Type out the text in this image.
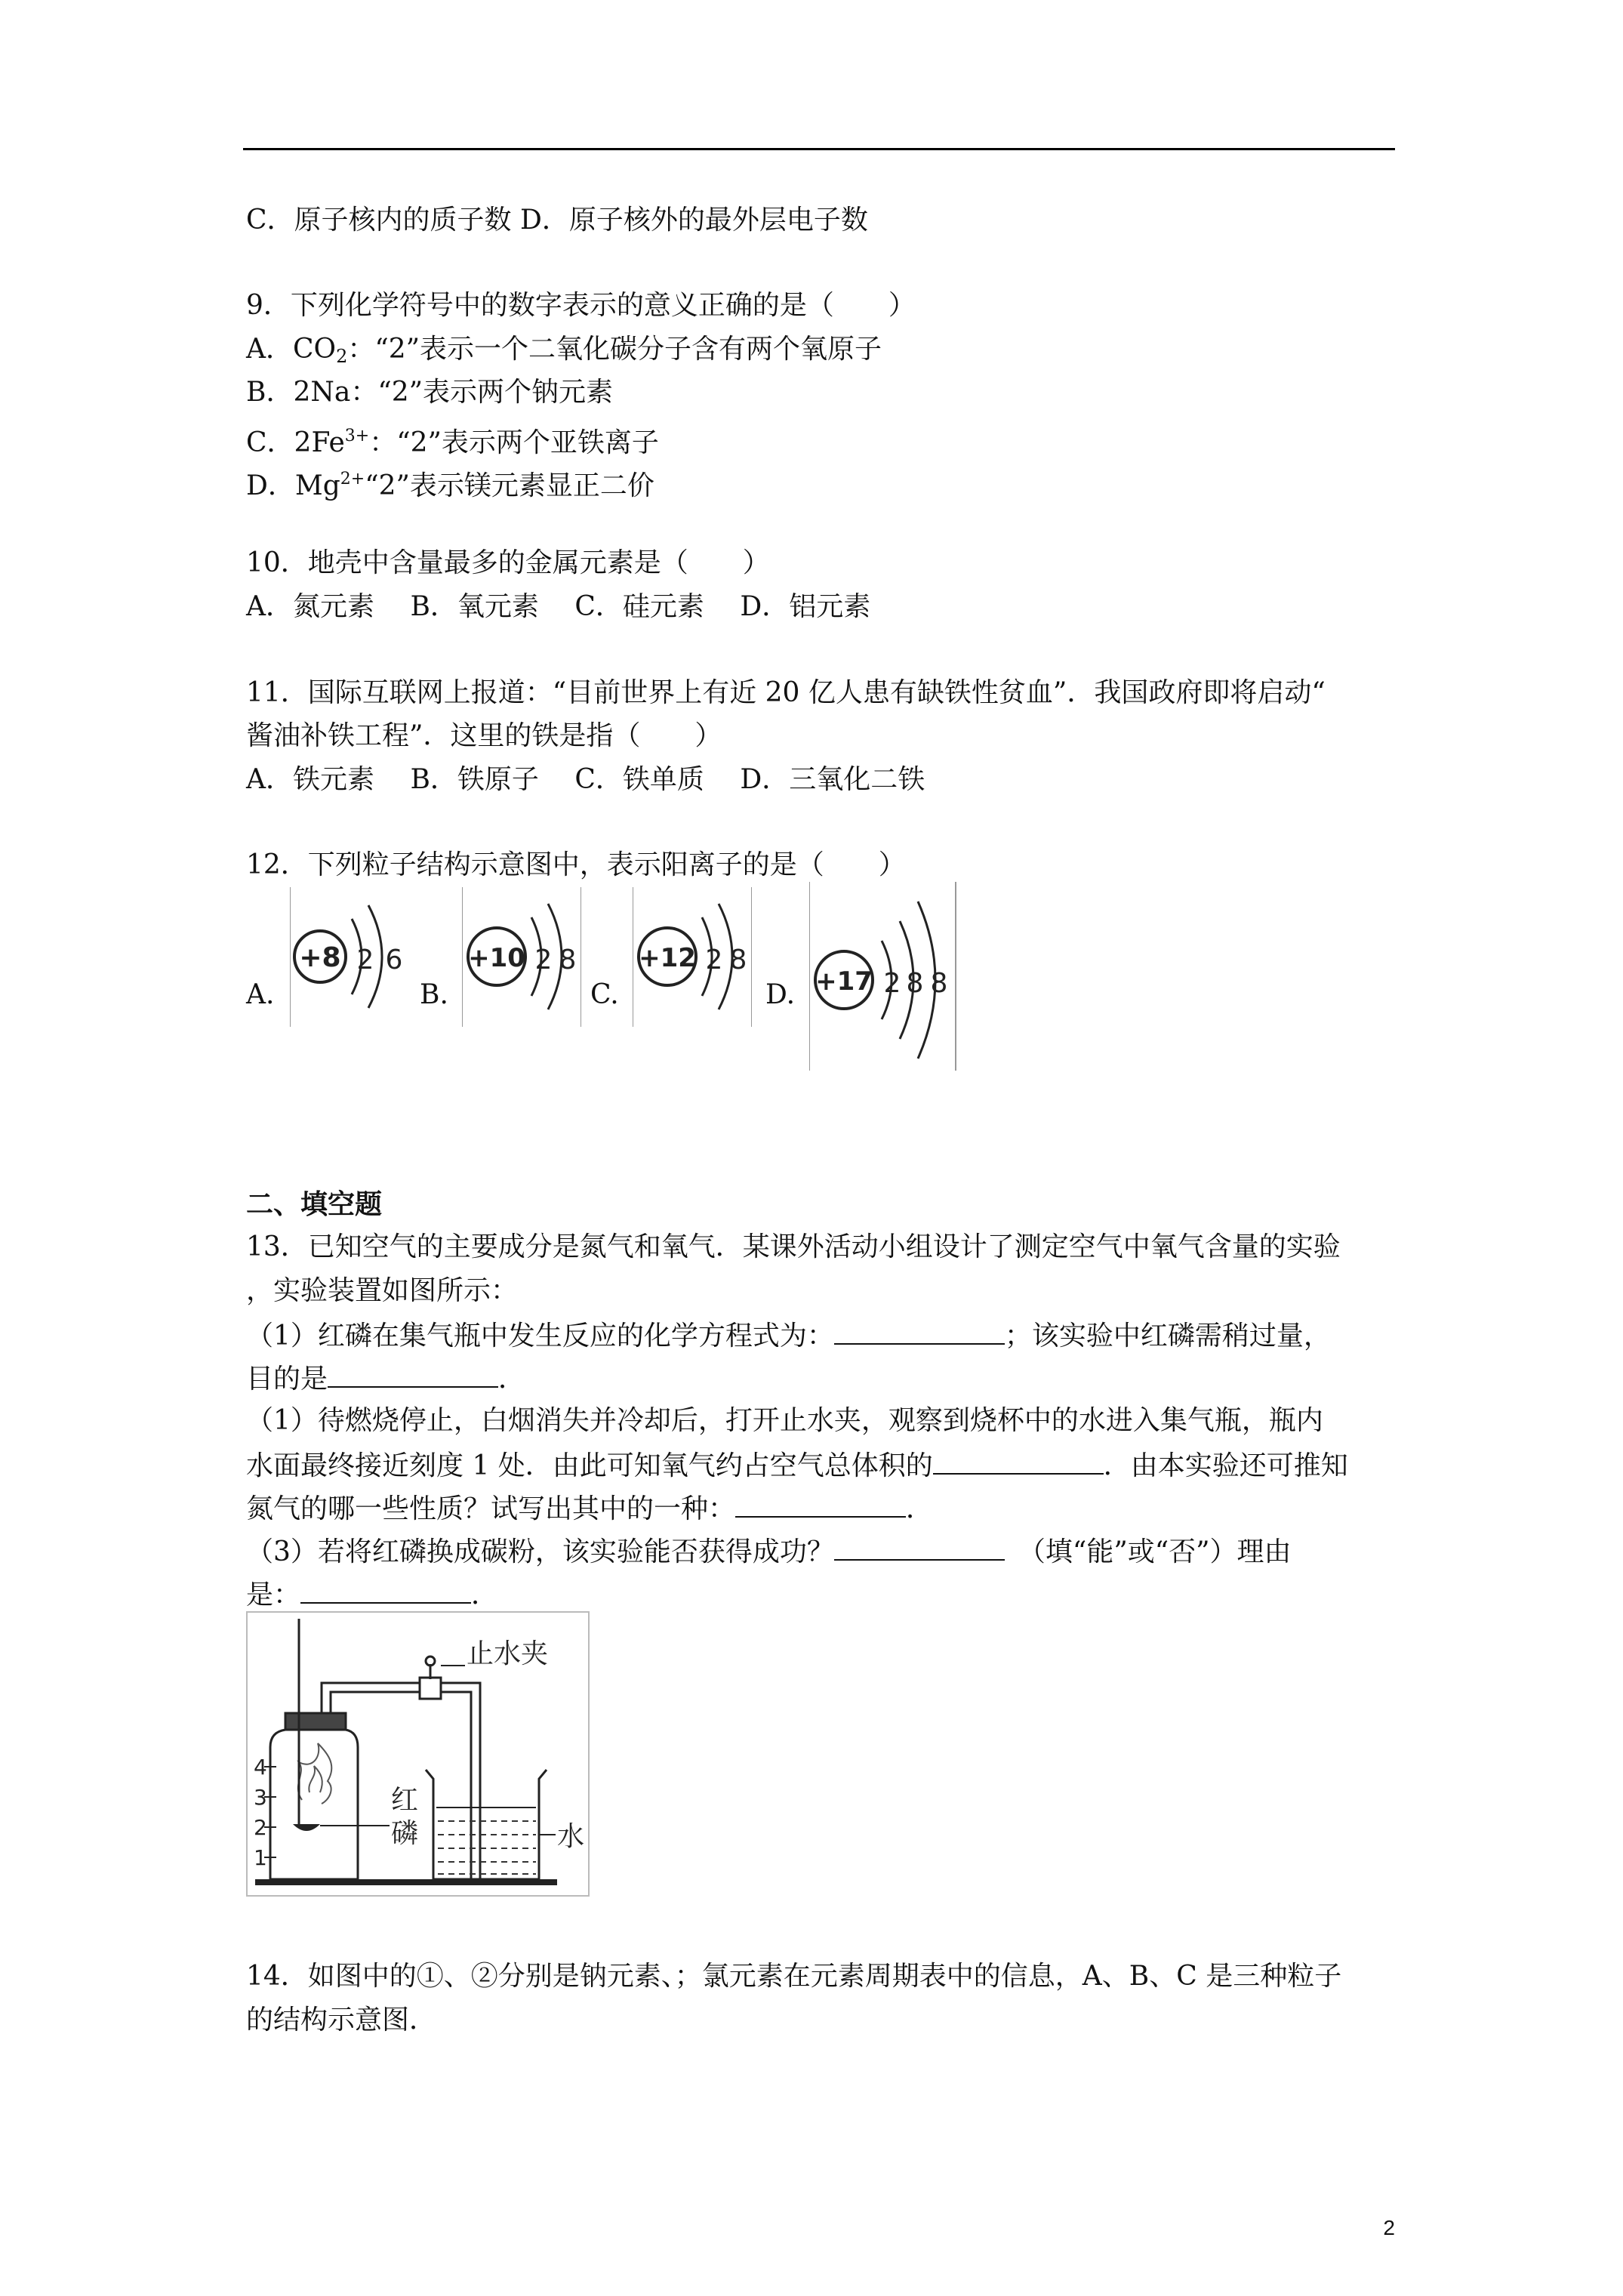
C．原子核内的质子数 D．原子核外的最外层电子数
9．下列化学符号中的数字表示的意义正确的是（　　）
A．$CO_2$：“2”表示一个二氧化碳分子含有两个氧原子
B．2Na：“2”表示两个钠元素
C．$2Fe^{3+}$：“2”表示两个亚铁离子
D．$Mg^{2+}“2$”表示镁元素显正二价
10．地壳中含量最多的金属元素是（　　）
A．氮元素　 B．氧元素　 C．硅元素　 D．铝元素
11．国际互联网上报道：“目前世界上有近 20 亿人患有缺铁性贫血”．我国政府即将启动“
酱油补铁工程”．这里的铁是指（　　）
A．铁元素　 B．铁原子　 C．铁单质　 D．三氧化二铁
12．下列粒子结构示意图中，表示阳离子的是（　　）
A.
+8 2 6
B.
+10 2 8
C.
+12 2 8
D. +17 2 8 8
二、填空题
13．已知空气的主要成分是氮气和氧气．某课外活动小组设计了测定空气中氧气含量的实验
，实验装置如图所示：
（1）红磷在集气瓶中发生反应的化学方程式为：	；该实验中红磷需稍过量，
目的是	．
（1）待燃烧停止，白烟消失并冷却后，打开止水夹，观察到烧杯中的水进入集气瓶，瓶内
水面最终接近刻度 1 处．由此可知氧气约占空气总体积的	．由本实验还可推知
氮气的哪一些性质？试写出其中的一种：	．
（3）若将红磷换成碳粉，该实验能否获得成功？　	（填“能”或“否”）理由
是：	．
止水夹
4
3
2
1
红
磷	水
14．如图中的①、②分别是钠元素、；氯元素在元素周期表中的信息，A、B、C 是三种粒子
的结构示意图．
2
